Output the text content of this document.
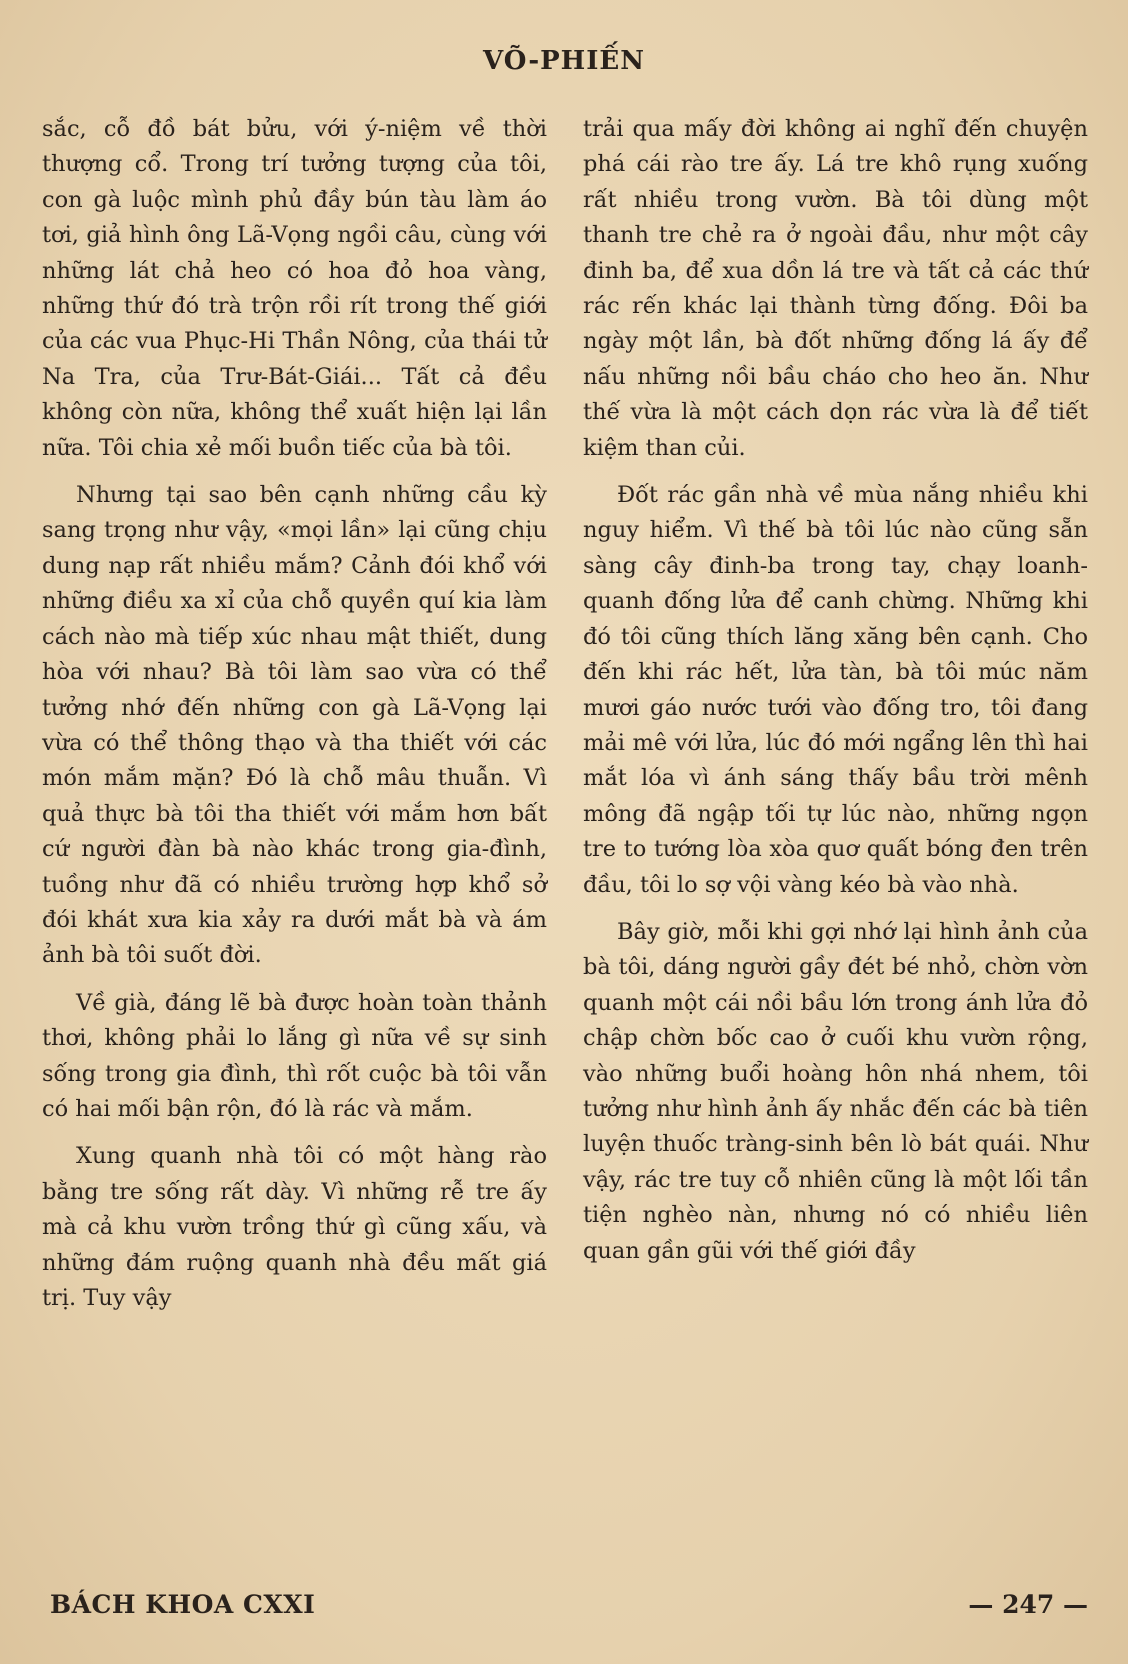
VÕ-PHIẾN

sắc, cỗ đồ bát bửu, với ý-niệm về thời thượng cổ. Trong trí tưởng tượng của tôi, con gà luộc mình phủ đầy bún tàu làm áo tơi, giả hình ông Lã-Vọng ngồi câu, cùng với những lát chả heo có hoa đỏ hoa vàng, những thứ đó trà trộn rồi rít trong thế giới của các vua Phục-Hi Thần Nông, của thái tử Na Tra, của Trư-Bát-Giái... Tất cả đều không còn nữa, không thể xuất hiện lại lần nữa. Tôi chia xẻ mối buồn tiếc của bà tôi.

Nhưng tại sao bên cạnh những cầu kỳ sang trọng như vậy, «mọi lần» lại cũng chịu dung nạp rất nhiều mắm? Cảnh đói khổ với những điều xa xỉ của chỗ quyền quí kia làm cách nào mà tiếp xúc nhau mật thiết, dung hòa với nhau? Bà tôi làm sao vừa có thể tưởng nhớ đến những con gà Lã-Vọng lại vừa có thể thông thạo và tha thiết với các món mắm mặn? Đó là chỗ mâu thuẫn. Vì quả thực bà tôi tha thiết với mắm hơn bất cứ người đàn bà nào khác trong gia-đình, tuồng như đã có nhiều trường hợp khổ sở đói khát xưa kia xảy ra dưới mắt bà và ám ảnh bà tôi suốt đời.

Về già, đáng lẽ bà được hoàn toàn thảnh thơi, không phải lo lắng gì nữa về sự sinh sống trong gia đình, thì rốt cuộc bà tôi vẫn có hai mối bận rộn, đó là rác và mắm.

Xung quanh nhà tôi có một hàng rào bằng tre sống rất dày. Vì những rễ tre ấy mà cả khu vườn trồng thứ gì cũng xấu, và những đám ruộng quanh nhà đều mất giá trị. Tuy vậy

trải qua mấy đời không ai nghĩ đến chuyện phá cái rào tre ấy. Lá tre khô rụng xuống rất nhiều trong vườn. Bà tôi dùng một thanh tre chẻ ra ở ngoài đầu, như một cây đinh ba, để xua dồn lá tre và tất cả các thứ rác rến khác lại thành từng đống. Đôi ba ngày một lần, bà đốt những đống lá ấy để nấu những nồi bầu cháo cho heo ăn. Như thế vừa là một cách dọn rác vừa là để tiết kiệm than củi.

Đốt rác gần nhà về mùa nắng nhiều khi nguy hiểm. Vì thế bà tôi lúc nào cũng sẵn sàng cây đinh-ba trong tay, chạy loanh-quanh đống lửa để canh chừng. Những khi đó tôi cũng thích lăng xăng bên cạnh. Cho đến khi rác hết, lửa tàn, bà tôi múc năm mươi gáo nước tưới vào đống tro, tôi đang mải mê với lửa, lúc đó mới ngẩng lên thì hai mắt lóa vì ánh sáng thấy bầu trời mênh mông đã ngập tối tự lúc nào, những ngọn tre to tướng lòa xòa quơ quất bóng đen trên đầu, tôi lo sợ vội vàng kéo bà vào nhà.

Bây giờ, mỗi khi gợi nhớ lại hình ảnh của bà tôi, dáng người gầy đét bé nhỏ, chờn vờn quanh một cái nồi bầu lớn trong ánh lửa đỏ chập chờn bốc cao ở cuối khu vườn rộng, vào những buổi hoàng hôn nhá nhem, tôi tưởng như hình ảnh ấy nhắc đến các bà tiên luyện thuốc tràng-sinh bên lò bát quái. Như vậy, rác tre tuy cỗ nhiên cũng là một lối tần tiện nghèo nàn, nhưng nó có nhiều liên quan gần gũi với thế giới đầy

BÁCH KHOA CXXI	— 247 —
